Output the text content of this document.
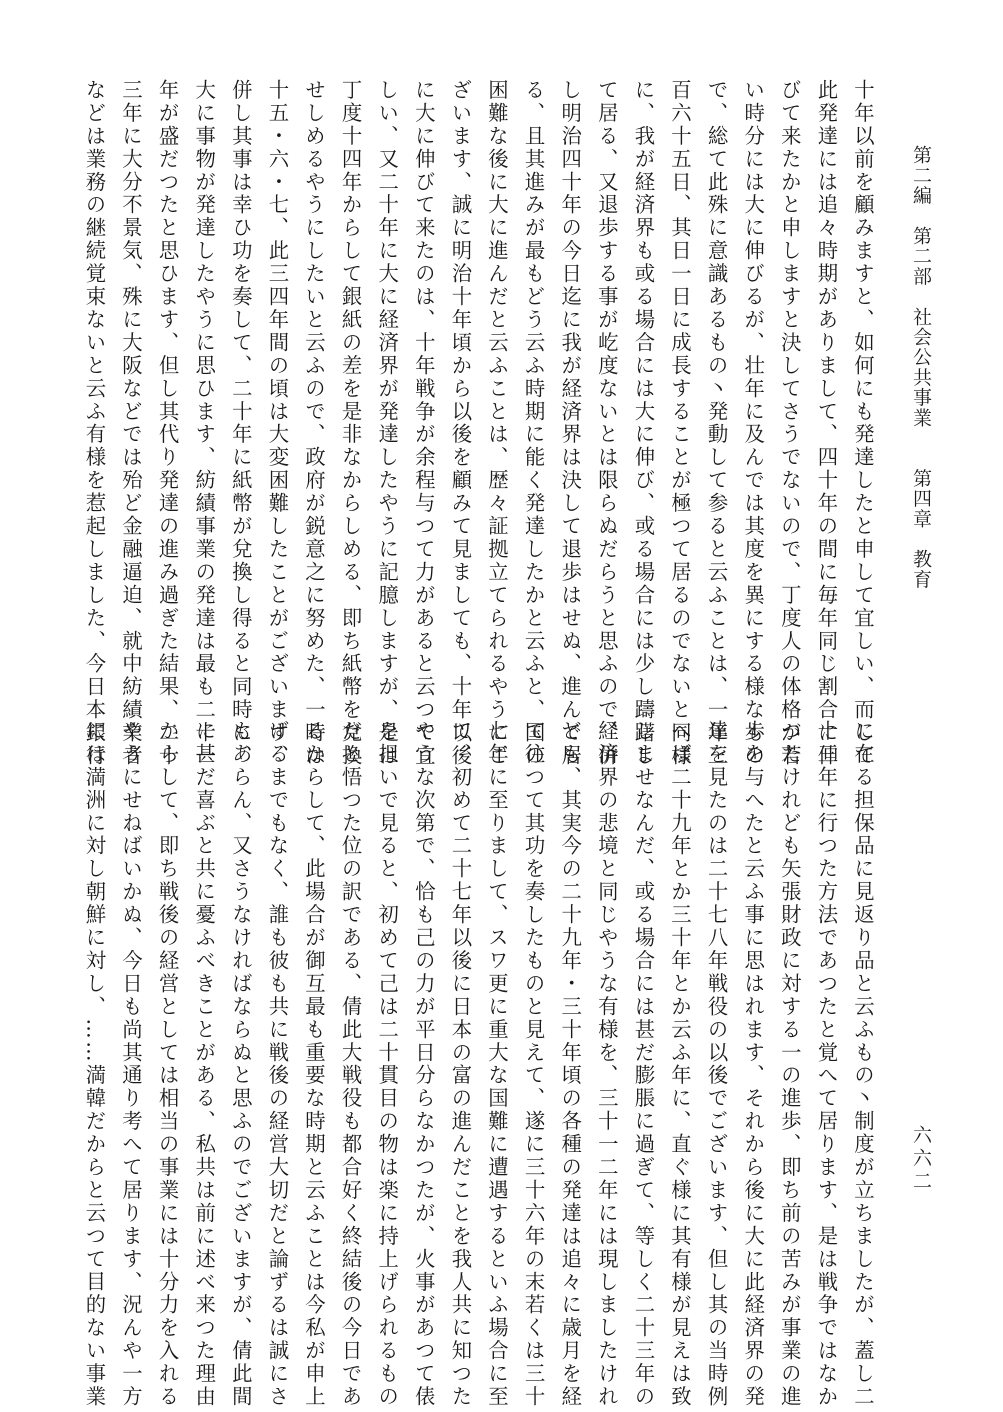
第二編　第二部　社会公共事業　　第四章　教育
六六二

十年以前を顧みますと、如何にも発達したと申して宜しい、而して

此発達には追々時期がありまして、四十年の間に毎年同じ割合に伸

びて来たかと申しますと決してさうでないので、丁度人の体格が若

い時分には大に伸びるが、壮年に及んでは其度を異にする様なもの

で、総て此殊に意識あるもの丶発動して参ると云ふことは、一年三

百六十五日、其日一日に成長することが極つて居るのでないと同様

に、我が経済界も或る場合には大に伸び、或る場合には少し躊躇し

て居る、又退歩する事が屹度ないとは限らぬだらうと思ふので、併

し明治四十年の今日迄に我が経済界は決して退歩はせぬ、進んで居

る、且其進みが最もどう云ふ時期に能く発達したかと云ふと、国の

困難な後に大に進んだと云ふことは、歴々証拠立てられるやうにご

ざいます、誠に明治十年頃から以後を顧みて見ましても、十年以後

に大に伸びて来たのは、十年戦争が余程与つて力があると云つて宜

しい、又二十年に大に経済界が発達したやうに記臆しますが、是は

丁度十四年からして銀紙の差を是非なからしめる、即ち紙幣を兌換

せしめるやうにしたいと云ふので、政府が鋭意之に努めた、一時は

十五・六・七、此三四年間の頃は大変困難したことがございます、

併し其事は幸ひ功を奏して、二十年に紙幣が兌換し得ると同時に、

大に事物が発達したやうに思ひます、紡績事業の発達は最も二十一

年が盛だつたと思ひます、但し其代り発達の進み過ぎた結果、二十

三年に大分不景気、殊に大阪などでは殆ど金融逼迫、就中紡績業者

などは業務の継続覚束ないと云ふ有様を惹起しました、今日本銀行

に在る担保品に見返り品と云ふもの丶制度が立ちましたが、蓋し二

十三年に行つた方法であつたと覚へて居ります、是は戦争ではなか

つたけれども矢張財政に対する一の進歩、即ち前の苦みが事業の進

歩を与へたと云ふ事に思はれます、それから後に大に此経済界の発

達を見たのは二十七八年戦役の以後でございます、但し其の当時例

へば二十九年とか三十年とか云ふ年に、直ぐ様に其有様が見えは致

しませなんだ、或る場合には甚だ膨脹に過ぎて、等しく二十三年の

経済界の悲境と同じやうな有様を、三十一二年には現しましたけれ

ども、其実今の二十九年・三十年頃の各種の発達は追々に歳月を経

て往つて其功を奏したものと見えて、遂に三十六年の末若くは三十

七年に至りまして、スワ更に重大な国難に遭遇するといふ場合に至

て、初めて二十七年以後に日本の富の進んだことを我人共に知つた

やうな次第で、恰も己の力が平日分らなかつたが、火事があつて俵

を担いで見ると、初めて己は二十貫目の物は楽に持上げられるもの

だと悟つた位の訳である、倩此大戦役も都合好く終結後の今日であ

るからして、此場合が御互最も重要な時期と云ふことは今私が申上

げるまでもなく、誰も彼も共に戦後の経営大切だと論ずるは誠にさ

もあらん、又さうなければならぬと思ふのでございますが、倩此間

に甚だ喜ぶと共に憂ふべきことがある、私共は前に述べ来つた理由

からして、即ち戦後の経営としては相当の事業には十分力を入れる

やうにせねばいかぬ、今日も尚其通り考へて居ります、況んや一方

には満洲に対し朝鮮に対し、……満韓だからと云つて目的ない事業
